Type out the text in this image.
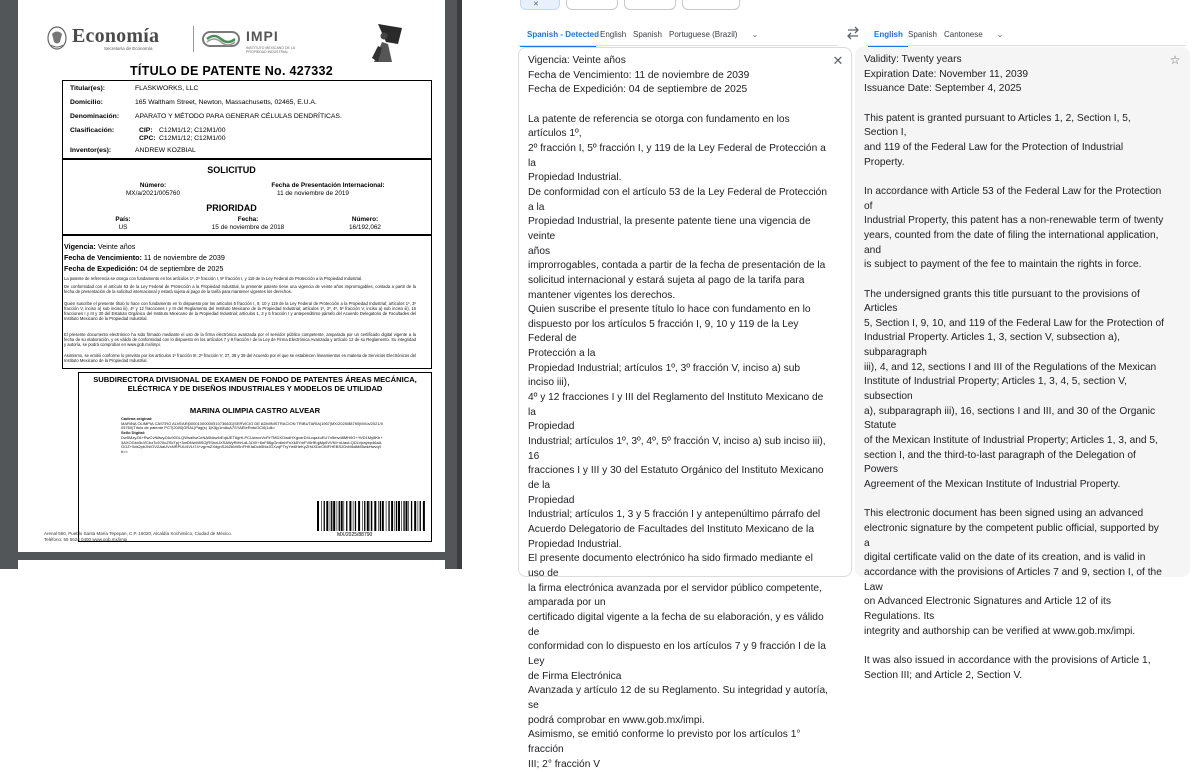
Economía
Secretaría de Economía
IMPI
INSTITUTO MEXICANO DE LA PROPIEDAD INDUSTRIAL
TÍTULO DE PATENTE No. 427332
Titular(es):	FLASKWORKS, LLC
Domicilio:	165 Waltham Street, Newton, Massachusetts, 02465, E.U.A.
Denominación: APARATO Y MÉTODO PARA GENERAR CÉLULAS DENDRÍTICAS.
Clasificación:	CIP: C12M1/12; C12M1/00
CPC: C12M1/12; C12M1/00
Inventor(es):	ANDREW KOZBIAL
SOLICITUD
Número:
MX/a/2021/005760
Fecha de Presentación Internacional:
11 de noviembre de 2019
PRIORIDAD
País:
US
Fecha:
15 de noviembre de 2018
Número:
16/192,062
Vigencia: Veinte años
Fecha de Vencimiento: 11 de noviembre de 2039
Fecha de Expedición: 04 de septiembre de 2025
La patente de referencia se otorga con fundamento en los artículos 1º, 2º fracción I, 5º fracción I, y 119 de la Ley Federal de Protección a la Propiedad Industrial.
De conformidad con el artículo 53 de la Ley Federal de Protección a la Propiedad Industrial, la presente patente tiene una vigencia de veinte años improrrogables, contada a partir de la fecha de presentación de la solicitud internacional y estará sujeta al pago de la tarifa para mantener vigentes los derechos.
Quien suscribe el presente título lo hace con fundamento en lo dispuesto por los artículos 5 fracción I, 9, 10 y 119 de la Ley Federal de Protección a la Propiedad Industrial; artículos 1º, 3º fracción V, inciso a) sub inciso iii), 4º y 12 fracciones I y III del Reglamento del Instituto Mexicano de la Propiedad Industrial; artículos 1º, 3º, 4º, 5º fracción V, inciso a) sub inciso iii), 16 fracciones I y III y 30 del Estatuto Orgánico del Instituto Mexicano de la Propiedad Industrial; artículos 1, 3 y 5 fracción I y antepenúltimo párrafo del Acuerdo Delegatorio de Facultades del Instituto Mexicano de la Propiedad Industrial.
El presente documento electrónico ha sido firmado mediante el uso de la firma electrónica avanzada por el servidor público competente, amparada por un certificado digital vigente a la fecha de su elaboración, y es válido de conformidad con lo dispuesto en los artículos 7 y 9 fracción I de la Ley de Firma Electrónica Avanzada y artículo 12 de su Reglamento. Su integridad y autoría, se podrá comprobar en www.gob.mx/impi.
Asimismo, se emitió conforme lo previsto por los artículos 1º fracción III; 2º fracción V; 37, 38 y 39 del Acuerdo por el que se establecen lineamientos en materia de Servicios Electrónicos del Instituto Mexicano de la Propiedad Industrial.
SUBDIRECTORA DIVISIONAL DE EXAMEN DE FONDO DE PATENTES ÁREAS MECÁNICA, ELÉCTRICA Y DE DISEÑOS INDUSTRIALES Y MODELOS DE UTILIDAD
MARINA OLIMPIA CASTRO ALVEAR
Cadena original:
MARINA OLIMPIA CASTRO ALVEAR|00001000000510736631|SERVICIO DE ADMINISTRACION TRIBUTARIA|1967|MX/2025/88790|MX/a/2021/005760|Título de patente PCT|2000|GRAL|Pág(s) 1|K5jy1m8oA7SYAEIeRntuOCi6|1dk=
Sello Digital:
Dw5MzyZA+RwCvN8wyZ4u90GLQWsa5wCeNA0bkw4rEqtUET6gHLPCUwrcoVcFlrTMDXGwdHXgxdrD4Lcqa4uEU7n5mvd8MH9G+Yt/D1My8Kb+3AXOGbv5uVCbzTo970uZSkTpj+3mDNwH8SGjRShxUXSAWyRtHrLdL3OiX+6nF86gGm6ehFnXk5YmFV6rfEqjMp6VVNi+uUaoLQDLVpayep46aAOOZ+0ds2pbJN/OVZAaUVxNRPUU4VLt74+zgrmZXdgnSJ6ZbMtSnFHKfaDcb5hlzJDXzqFTryYw6HeKyZHdXDeCBIFHEBS2DvM6dM85wkHwvq/Ib==
MX/2025/88790
Arenal 550, Pueblo Santa María Tepepan, C.P. 16020, Alcaldía Xochimilco, Ciudad de México.
Teléfono: 55 5624 0400 www.gob.mx/impi
✕
Spanish - Detected English Spanish Portuguese (Brazil) ⌄	English Spanish Cantonese ⌄
Vigencia: Veinte años
Fecha de Vencimiento: 11 de noviembre de 2039
Fecha de Expedición: 04 de septiembre de 2025

La patente de referencia se otorga con fundamento en los artículos 1º,
2º fracción I, 5º fracción I, y 119 de la Ley Federal de Protección a la
Propiedad Industrial.
De conformidad con el artículo 53 de la Ley Federal de Protección a la
Propiedad Industrial, la presente patente tiene una vigencia de veinte
años
improrrogables, contada a partir de la fecha de presentación de la
solicitud internacional y estará sujeta al pago de la tarifa para
mantener vigentes los derechos.
Quien suscribe el presente título lo hace con fundamento en lo
dispuesto por los artículos 5 fracción I, 9, 10 y 119 de la Ley Federal de
Protección a la
Propiedad Industrial; artículos 1º, 3º fracción V, inciso a) sub inciso iii),
4º y 12 fracciones I y III del Reglamento del Instituto Mexicano de la
Propiedad
Industrial; artículos 1º, 3º, 4º, 5º fracción V, inciso a) sub inciso iii), 16
fracciones I y III y 30 del Estatuto Orgánico del Instituto Mexicano de la
Propiedad
Industrial; artículos 1, 3 y 5 fracción I y antepenúltimo párrafo del
Acuerdo Delegatorio de Facultades del Instituto Mexicano de la
Propiedad Industrial.
El presente documento electrónico ha sido firmado mediante el uso de
la firma electrónica avanzada por el servidor público competente,
amparada por un
certificado digital vigente a la fecha de su elaboración, y es válido de
conformidad con lo dispuesto en los artículos 7 y 9 fracción I de la Ley
de Firma Electrónica
Avanzada y artículo 12 de su Reglamento. Su integridad y autoría, se
podrá comprobar en www.gob.mx/impi.
Asimismo, se emitió conforme lo previsto por los artículos 1° fracción
III; 2° fracción V
✕ Validity: Twenty years
Expiration Date: November 11, 2039
Issuance Date: September 4, 2025

This patent is granted pursuant to Articles 1, 2, Section I, 5, Section I,
and 119 of the Federal Law for the Protection of Industrial Property.

In accordance with Article 53 of the Federal Law for the Protection of
Industrial Property, this patent has a non-renewable term of twenty
years, counted from the date of filing the international application, and
is subject to payment of the fee to maintain the rights in force.

The undersigned grants this title pursuant to the provisions of Articles
5, Section I, 9, 10, and 119 of the Federal Law for the Protection of
Industrial Property. Articles 1, 3, section V, subsection a), subparagraph
iii), 4, and 12, sections I and III of the Regulations of the Mexican
Institute of Industrial Property; Articles 1, 3, 4, 5, section V, subsection
a), subparagraph iii), 16, sections I and III, and 30 of the Organic Statute
of the Mexican Institute of Industrial Property; Articles 1, 3, and 5,
section I, and the third-to-last paragraph of the Delegation of Powers
Agreement of the Mexican Institute of Industrial Property.

This electronic document has been signed using an advanced
electronic signature by the competent public official, supported by a
digital certificate valid on the date of its creation, and is valid in
accordance with the provisions of Articles 7 and 9, section I, of the Law
on Advanced Electronic Signatures and Article 12 of its Regulations. Its
integrity and authorship can be verified at www.gob.mx/impi.

It was also issued in accordance with the provisions of Article 1,
Section III; and Article 2, Section V.
☆
